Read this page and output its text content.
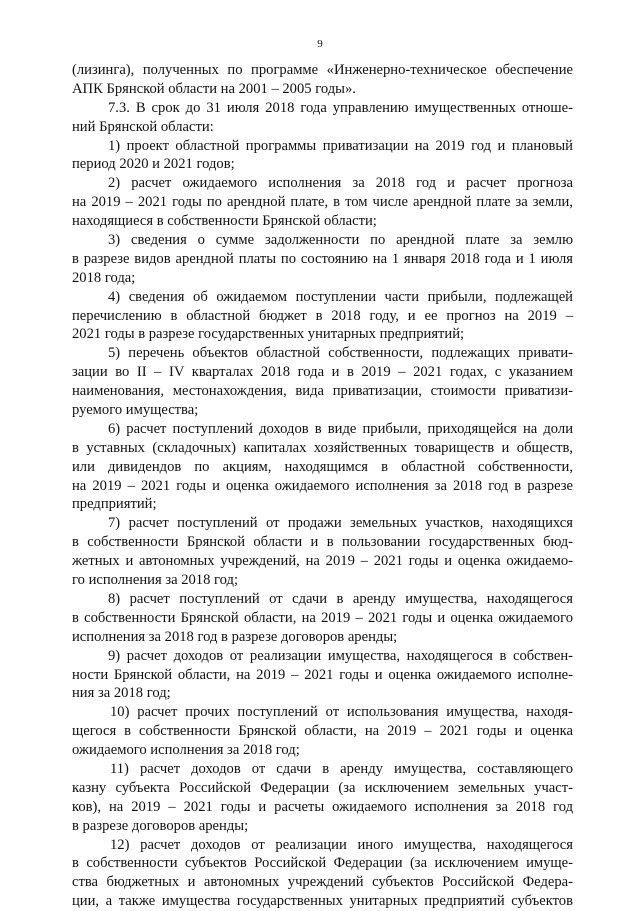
9
(лизинга), полученных по программе «Инженерно-техническое обеспечение
АПК Брянской области на 2001 – 2005 годы».
7.3. В срок до 31 июля 2018 года управлению имущественных отноше-
ний Брянской области:
1) проект областной программы приватизации на 2019 год и плановый
период 2020 и 2021 годов;
2) расчет ожидаемого исполнения за 2018 год и расчет прогноза
на 2019 – 2021 годы по арендной плате, в том числе арендной плате за земли,
находящиеся в собственности Брянской области;
3) сведения о сумме задолженности по арендной плате за землю
в разрезе видов арендной платы по состоянию на 1 января 2018 года и 1 июля
2018 года;
4) сведения об ожидаемом поступлении части прибыли, подлежащей
перечислению в областной бюджет в 2018 году, и ее прогноз на 2019 –
2021 годы в разрезе государственных унитарных предприятий;
5) перечень объектов областной собственности, подлежащих привати-
зации во II – IV кварталах 2018 года и в 2019 – 2021 годах, с указанием
наименования, местонахождения, вида приватизации, стоимости приватизи-
руемого имущества;
6) расчет поступлений доходов в виде прибыли, приходящейся на доли
в уставных (складочных) капиталах хозяйственных товариществ и обществ,
или дивидендов по акциям, находящимся в областной собственности,
на 2019 – 2021 годы и оценка ожидаемого исполнения за 2018 год в разрезе
предприятий;
7) расчет поступлений от продажи земельных участков, находящихся
в собственности Брянской области и в пользовании государственных бюд-
жетных и автономных учреждений, на 2019 – 2021 годы и оценка ожидаемо-
го исполнения за 2018 год;
8) расчет поступлений от сдачи в аренду имущества, находящегося
в собственности Брянской области, на 2019 – 2021 годы и оценка ожидаемого
исполнения за 2018 год в разрезе договоров аренды;
9) расчет доходов от реализации имущества, находящегося в собствен-
ности Брянской области, на 2019 – 2021 годы и оценка ожидаемого исполне-
ния за 2018 год;
10) расчет прочих поступлений от использования имущества, находя-
щегося в собственности Брянской области, на 2019 – 2021 годы и оценка
ожидаемого исполнения за 2018 год;
11) расчет доходов от сдачи в аренду имущества, составляющего
казну субъекта Российской Федерации (за исключением земельных участ-
ков), на 2019 – 2021 годы и расчеты ожидаемого исполнения за 2018 год
в разрезе договоров аренды;
12) расчет доходов от реализации иного имущества, находящегося
в собственности субъектов Российской Федерации (за исключением имуще-
ства бюджетных и автономных учреждений субъектов Российской Федера-
ции, а также имущества государственных унитарных предприятий субъектов
